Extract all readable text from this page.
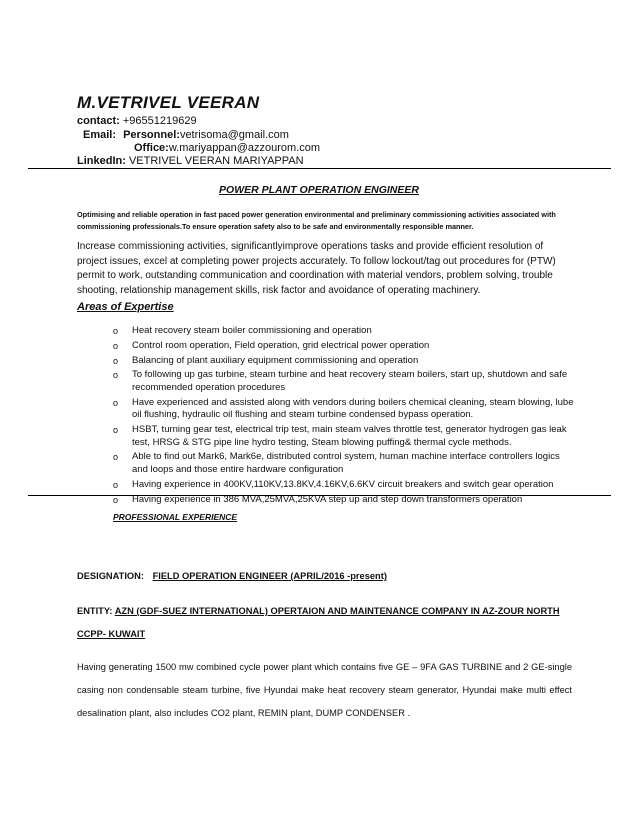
M.VETRIVEL VEERAN
contact: +96551219629
Email: Personnel:vetrisoma@gmail.com
Office:w.mariyappan@azzourom.com
LinkedIn: VETRIVEL VEERAN MARIYAPPAN
POWER PLANT OPERATION ENGINEER
Optimising and reliable operation in fast paced power generation environmental and preliminary commissioning activities associated with commissioning professionals.To ensure operation safety also to be safe and environmentally responsible manner.
Increase commissioning activities, significantlyimprove operations tasks and provide efficient resolution of project issues, excel at completing power projects accurately. To follow lockout/tag out procedures for (PTW) permit to work, outstanding communication and coordination with material vendors, problem solving, trouble shooting, relationship management skills, risk factor and avoidance of operating machinery.
Areas of Expertise
o Heat recovery steam boiler commissioning and operation
o Control room operation, Field operation, grid electrical power operation
o Balancing of plant auxiliary equipment commissioning and operation
o To following up gas turbine, steam turbine and heat recovery steam boilers, start up, shutdown and safe recommended operation procedures
o Have experienced and assisted along with vendors during boilers chemical cleaning, steam blowing, lube oil flushing, hydraulic oil flushing and steam turbine condensed bypass operation.
o HSBT, turning gear test, electrical trip test, main steam valves throttle test, generator hydrogen gas leak test, HRSG & STG pipe line hydro testing, Steam blowing puffing& thermal cycle methods.
o Able to find out Mark6, Mark6e, distributed control system, human machine interface controllers logics and loops and those entire hardware configuration
o Having experience in 400KV,110KV,13.8KV,4.16KV,6.6KV circuit breakers and switch gear operation
o Having experience in 386 MVA,25MVA,25KVA step up and step down transformers operation
PROFESSIONAL EXPERIENCE
DESIGNATION: FIELD OPERATION ENGINEER (APRIL/2016 -present)
ENTITY: AZN (GDF-SUEZ INTERNATIONAL) OPERTAION AND MAINTENANCE COMPANY IN AZ-ZOUR NORTH CCPP- KUWAIT
Having generating 1500 mw combined cycle power plant which contains five GE – 9FA GAS TURBINE and 2 GE-single casing non condensable steam turbine, five Hyundai make heat recovery steam generator, Hyundai make multi effect desalination plant, also includes CO2 plant, REMIN plant, DUMP CONDENSER .
